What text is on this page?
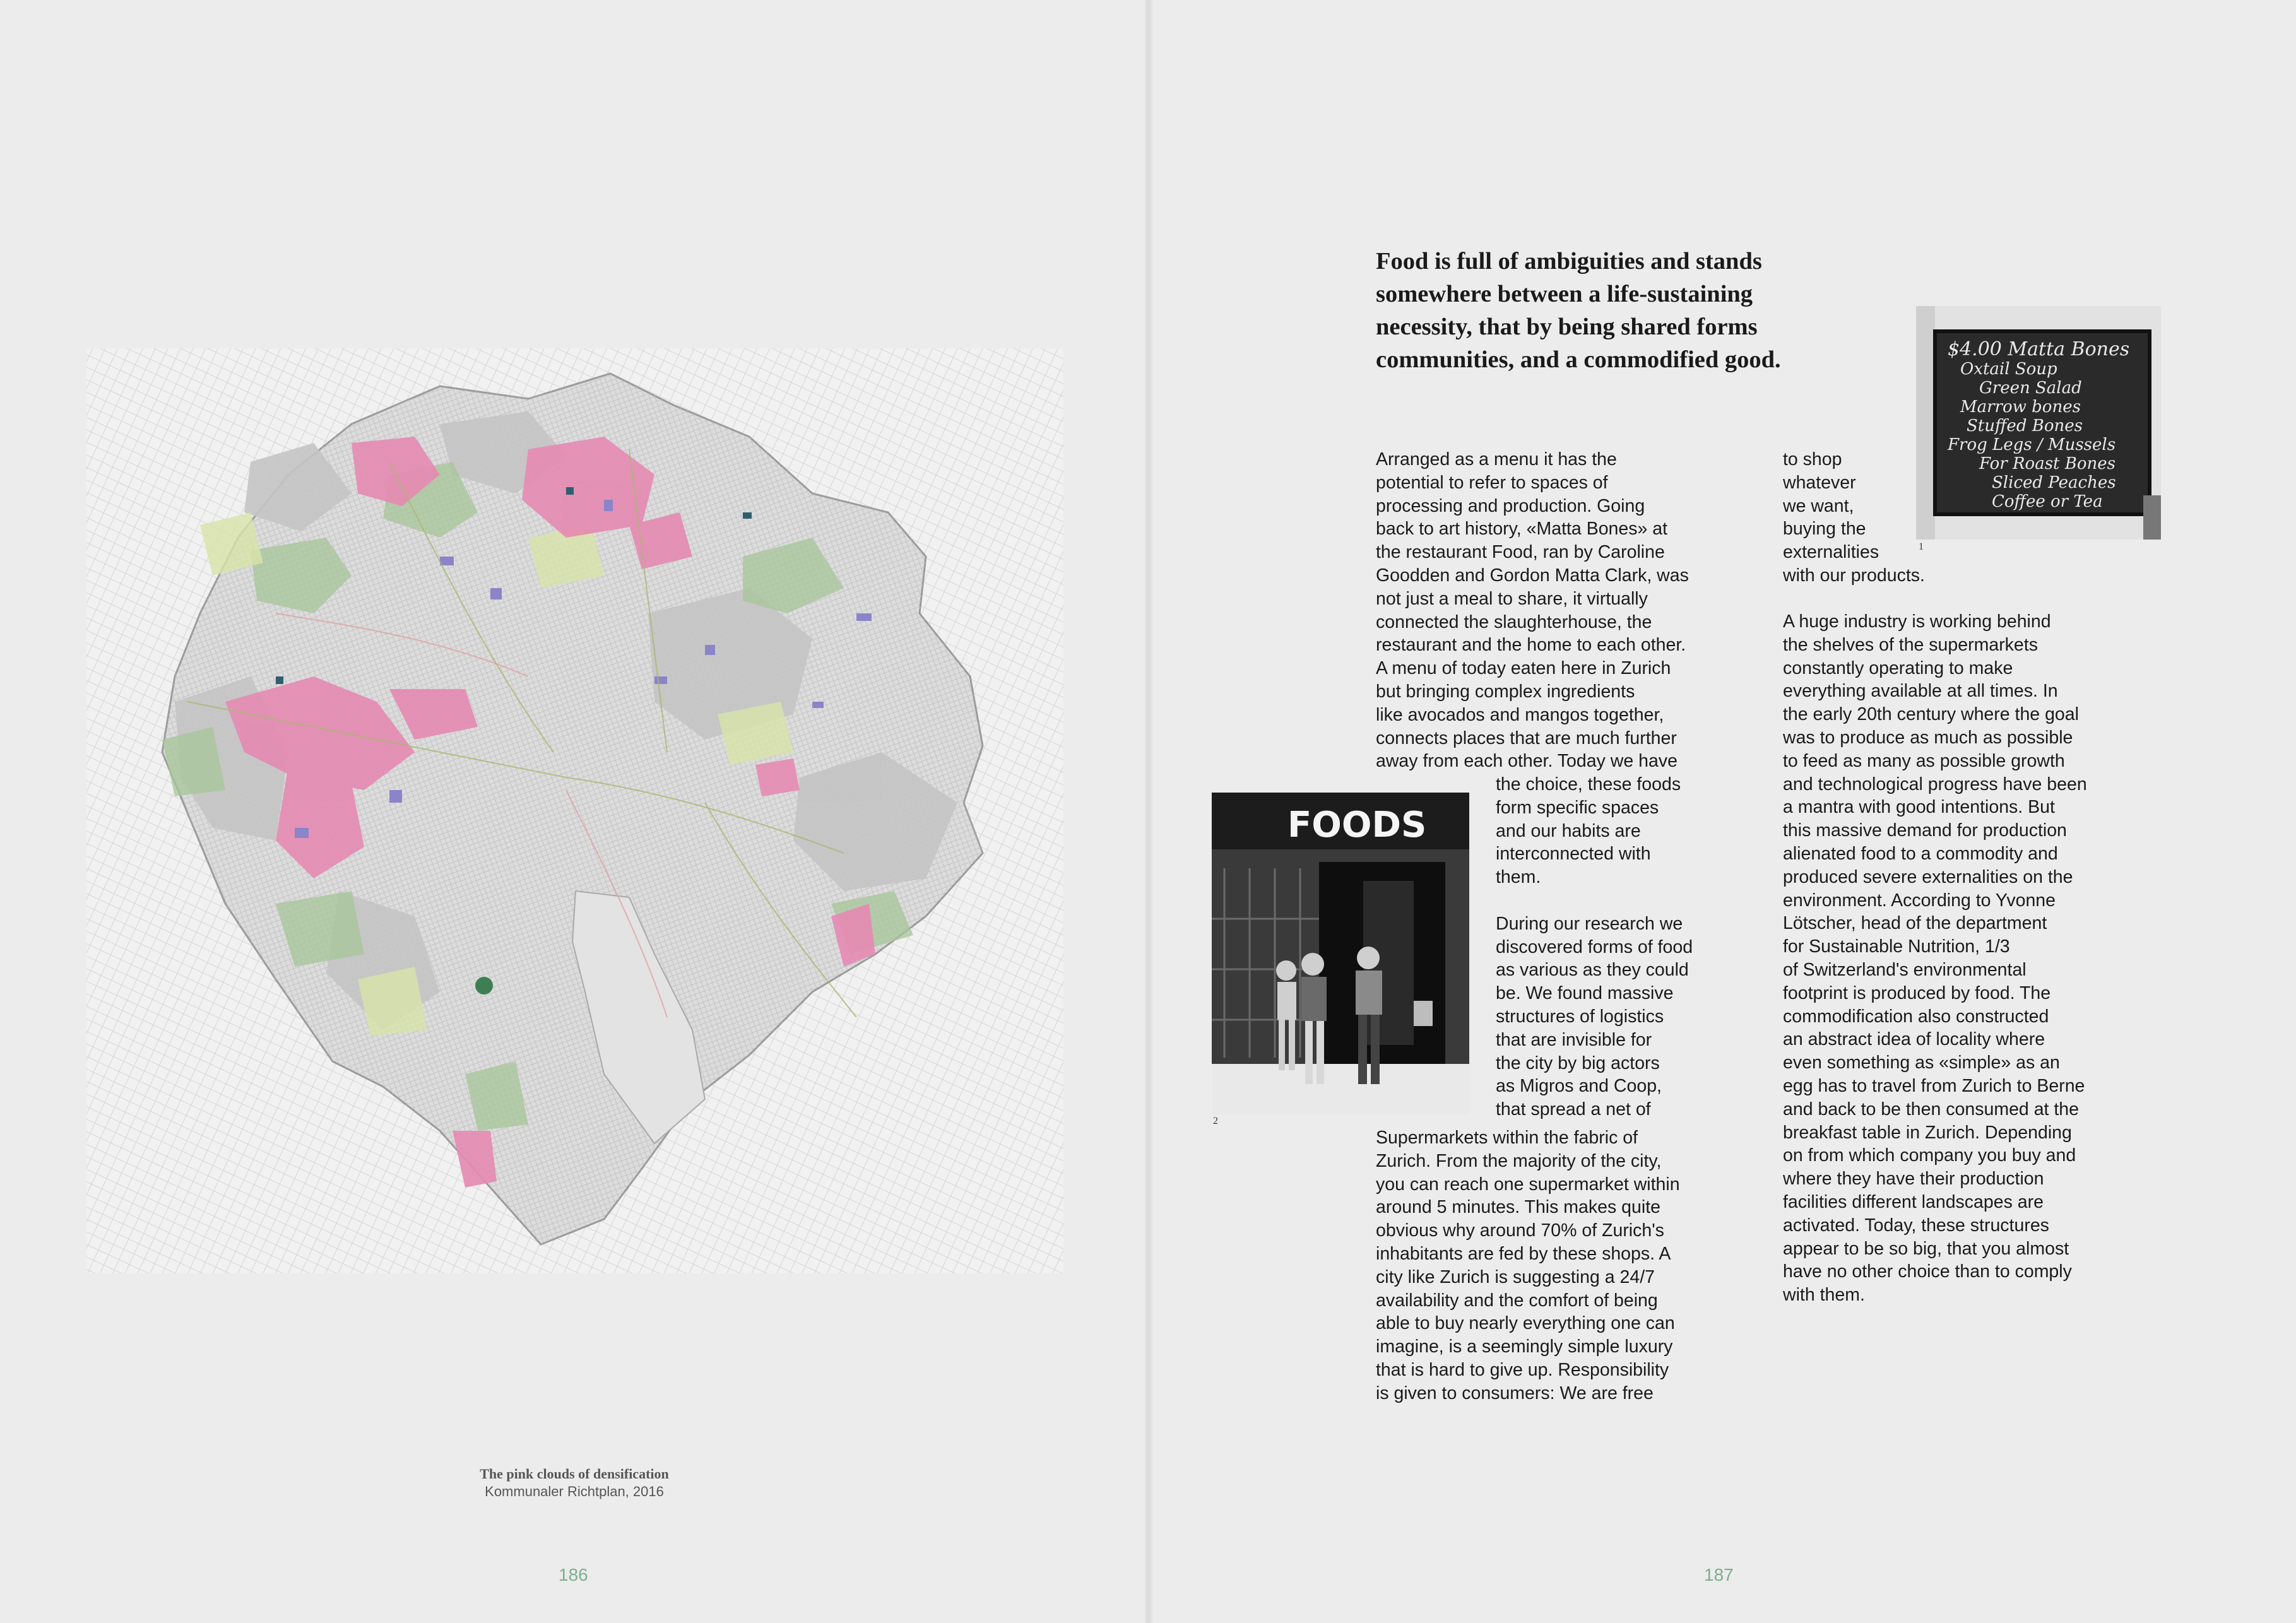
The pink clouds of densification
Kommunaler Richtplan, 2016
186
Food is full of ambiguities and stands
somewhere between a life-sustaining
necessity, that by being shared forms
communities, and a commodified good.	$4.00 Matta Bones
Oxtail Soup
Green Salad
Marrow bones
Stuffed Bones
Frog Legs / Mussels
For Roast Bones
Sliced Peaches
Coffee or Tea
1
FOODS
2
Arranged as a menu it has the
potential to refer to spaces of
processing and production. Going
back to art history, «Matta Bones» at
the restaurant Food, ran by Caroline
Goodden and Gordon Matta Clark, was
not just a meal to share, it virtually
connected the slaughterhouse, the
restaurant and the home to each other.
A menu of today eaten here in Zurich
but bringing complex ingredients
like avocados and mangos together,
connects places that are much further
away from each other. Today we have
the choice, these foods
form specific spaces
and our habits are
interconnected with
them.
During our research we
discovered forms of food
as various as they could
be. We found massive
structures of logistics
that are invisible for
the city by big actors
as Migros and Coop,
that spread a net of
Supermarkets within the fabric of
Zurich. From the majority of the city,
you can reach one supermarket within
around 5 minutes. This makes quite
obvious why around 70% of Zurich's
inhabitants are fed by these shops. A
city like Zurich is suggesting a 24/7
availability and the comfort of being
able to buy nearly everything one can
imagine, is a seemingly simple luxury
that is hard to give up. Responsibility
is given to consumers: We are free
to shop
whatever
we want,
buying the
externalities
with our products.
A huge industry is working behind
the shelves of the supermarkets
constantly operating to make
everything available at all times. In
the early 20th century where the goal
was to produce as much as possible
to feed as many as possible growth
and technological progress have been
a mantra with good intentions. But
this massive demand for production
alienated food to a commodity and
produced severe externalities on the
environment. According to Yvonne
Lötscher, head of the department
for Sustainable Nutrition, 1/3
of Switzerland's environmental
footprint is produced by food. The
commodification also constructed
an abstract idea of locality where
even something as «simple» as an
egg has to travel from Zurich to Berne
and back to be then consumed at the
breakfast table in Zurich. Depending
on from which company you buy and
where they have their production
facilities different landscapes are
activated. Today, these structures
appear to be so big, that you almost
have no other choice than to comply
with them.
187
